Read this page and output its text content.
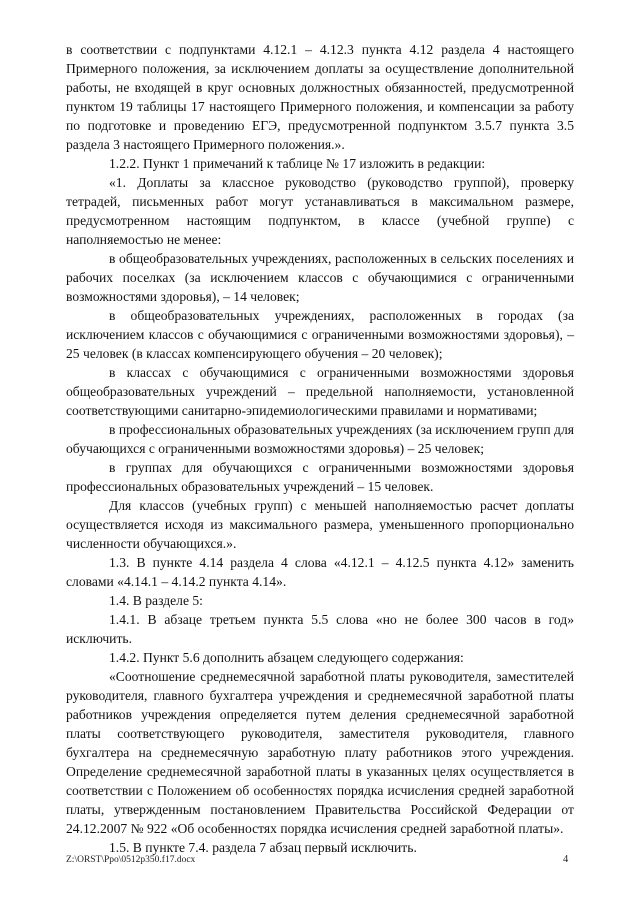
в соответствии с подпунктами 4.12.1 – 4.12.3 пункта 4.12 раздела 4 настоящего Примерного положения, за исключением доплаты за осуществление дополнительной работы, не входящей в круг основных должностных обязанностей, предусмотренной пунктом 19 таблицы 17 настоящего Примерного положения, и компенсации за работу по подготовке и проведению ЕГЭ, предусмотренной подпунктом 3.5.7 пункта 3.5 раздела 3 настоящего Примерного положения.».

1.2.2. Пункт 1 примечаний к таблице № 17 изложить в редакции:

«1. Доплаты за классное руководство (руководство группой), проверку тетрадей, письменных работ могут устанавливаться в максимальном размере, предусмотренном настоящим подпунктом, в классе (учебной группе) с наполняемостью не менее:

в общеобразовательных учреждениях, расположенных в сельских поселениях и рабочих поселках (за исключением классов с обучающимися с ограниченными возможностями здоровья), – 14 человек;

в общеобразовательных учреждениях, расположенных в городах (за исключением классов с обучающимися с ограниченными возможностями здоровья), – 25 человек (в классах компенсирующего обучения – 20 человек);

в классах с обучающимися с ограниченными возможностями здоровья общеобразовательных учреждений – предельной наполняемости, установленной соответствующими санитарно-эпидемиологическими правилами и нормативами;

в профессиональных образовательных учреждениях (за исключением групп для обучающихся с ограниченными возможностями здоровья) – 25 человек;

в группах для обучающихся с ограниченными возможностями здоровья профессиональных образовательных учреждений – 15 человек.

Для классов (учебных групп) с меньшей наполняемостью расчет доплаты осуществляется исходя из максимального размера, уменьшенного пропорционально численности обучающихся.».

1.3. В пункте 4.14 раздела 4 слова «4.12.1 – 4.12.5 пункта 4.12» заменить словами «4.14.1 – 4.14.2 пункта 4.14».

1.4. В разделе 5:

1.4.1. В абзаце третьем пункта 5.5 слова «но не более 300 часов в год» исключить.

1.4.2. Пункт 5.6 дополнить абзацем следующего содержания:

«Соотношение среднемесячной заработной платы руководителя, заместителей руководителя, главного бухгалтера учреждения и среднемесячной заработной платы работников учреждения определяется путем деления среднемесячной заработной платы соответствующего руководителя, заместителя руководителя, главного бухгалтера на среднемесячную заработную плату работников этого учреждения. Определение среднемесячной заработной платы в указанных целях осуществляется в соответствии с Положением об особенностях порядка исчисления средней заработной платы, утвержденным постановлением Правительства Российской Федерации от 24.12.2007 № 922 «Об особенностях порядка исчисления средней заработной платы».

1.5. В пункте 7.4. раздела 7 абзац первый исключить.

Z:\ORST\Ppo\0512p350.f17.docx	4
